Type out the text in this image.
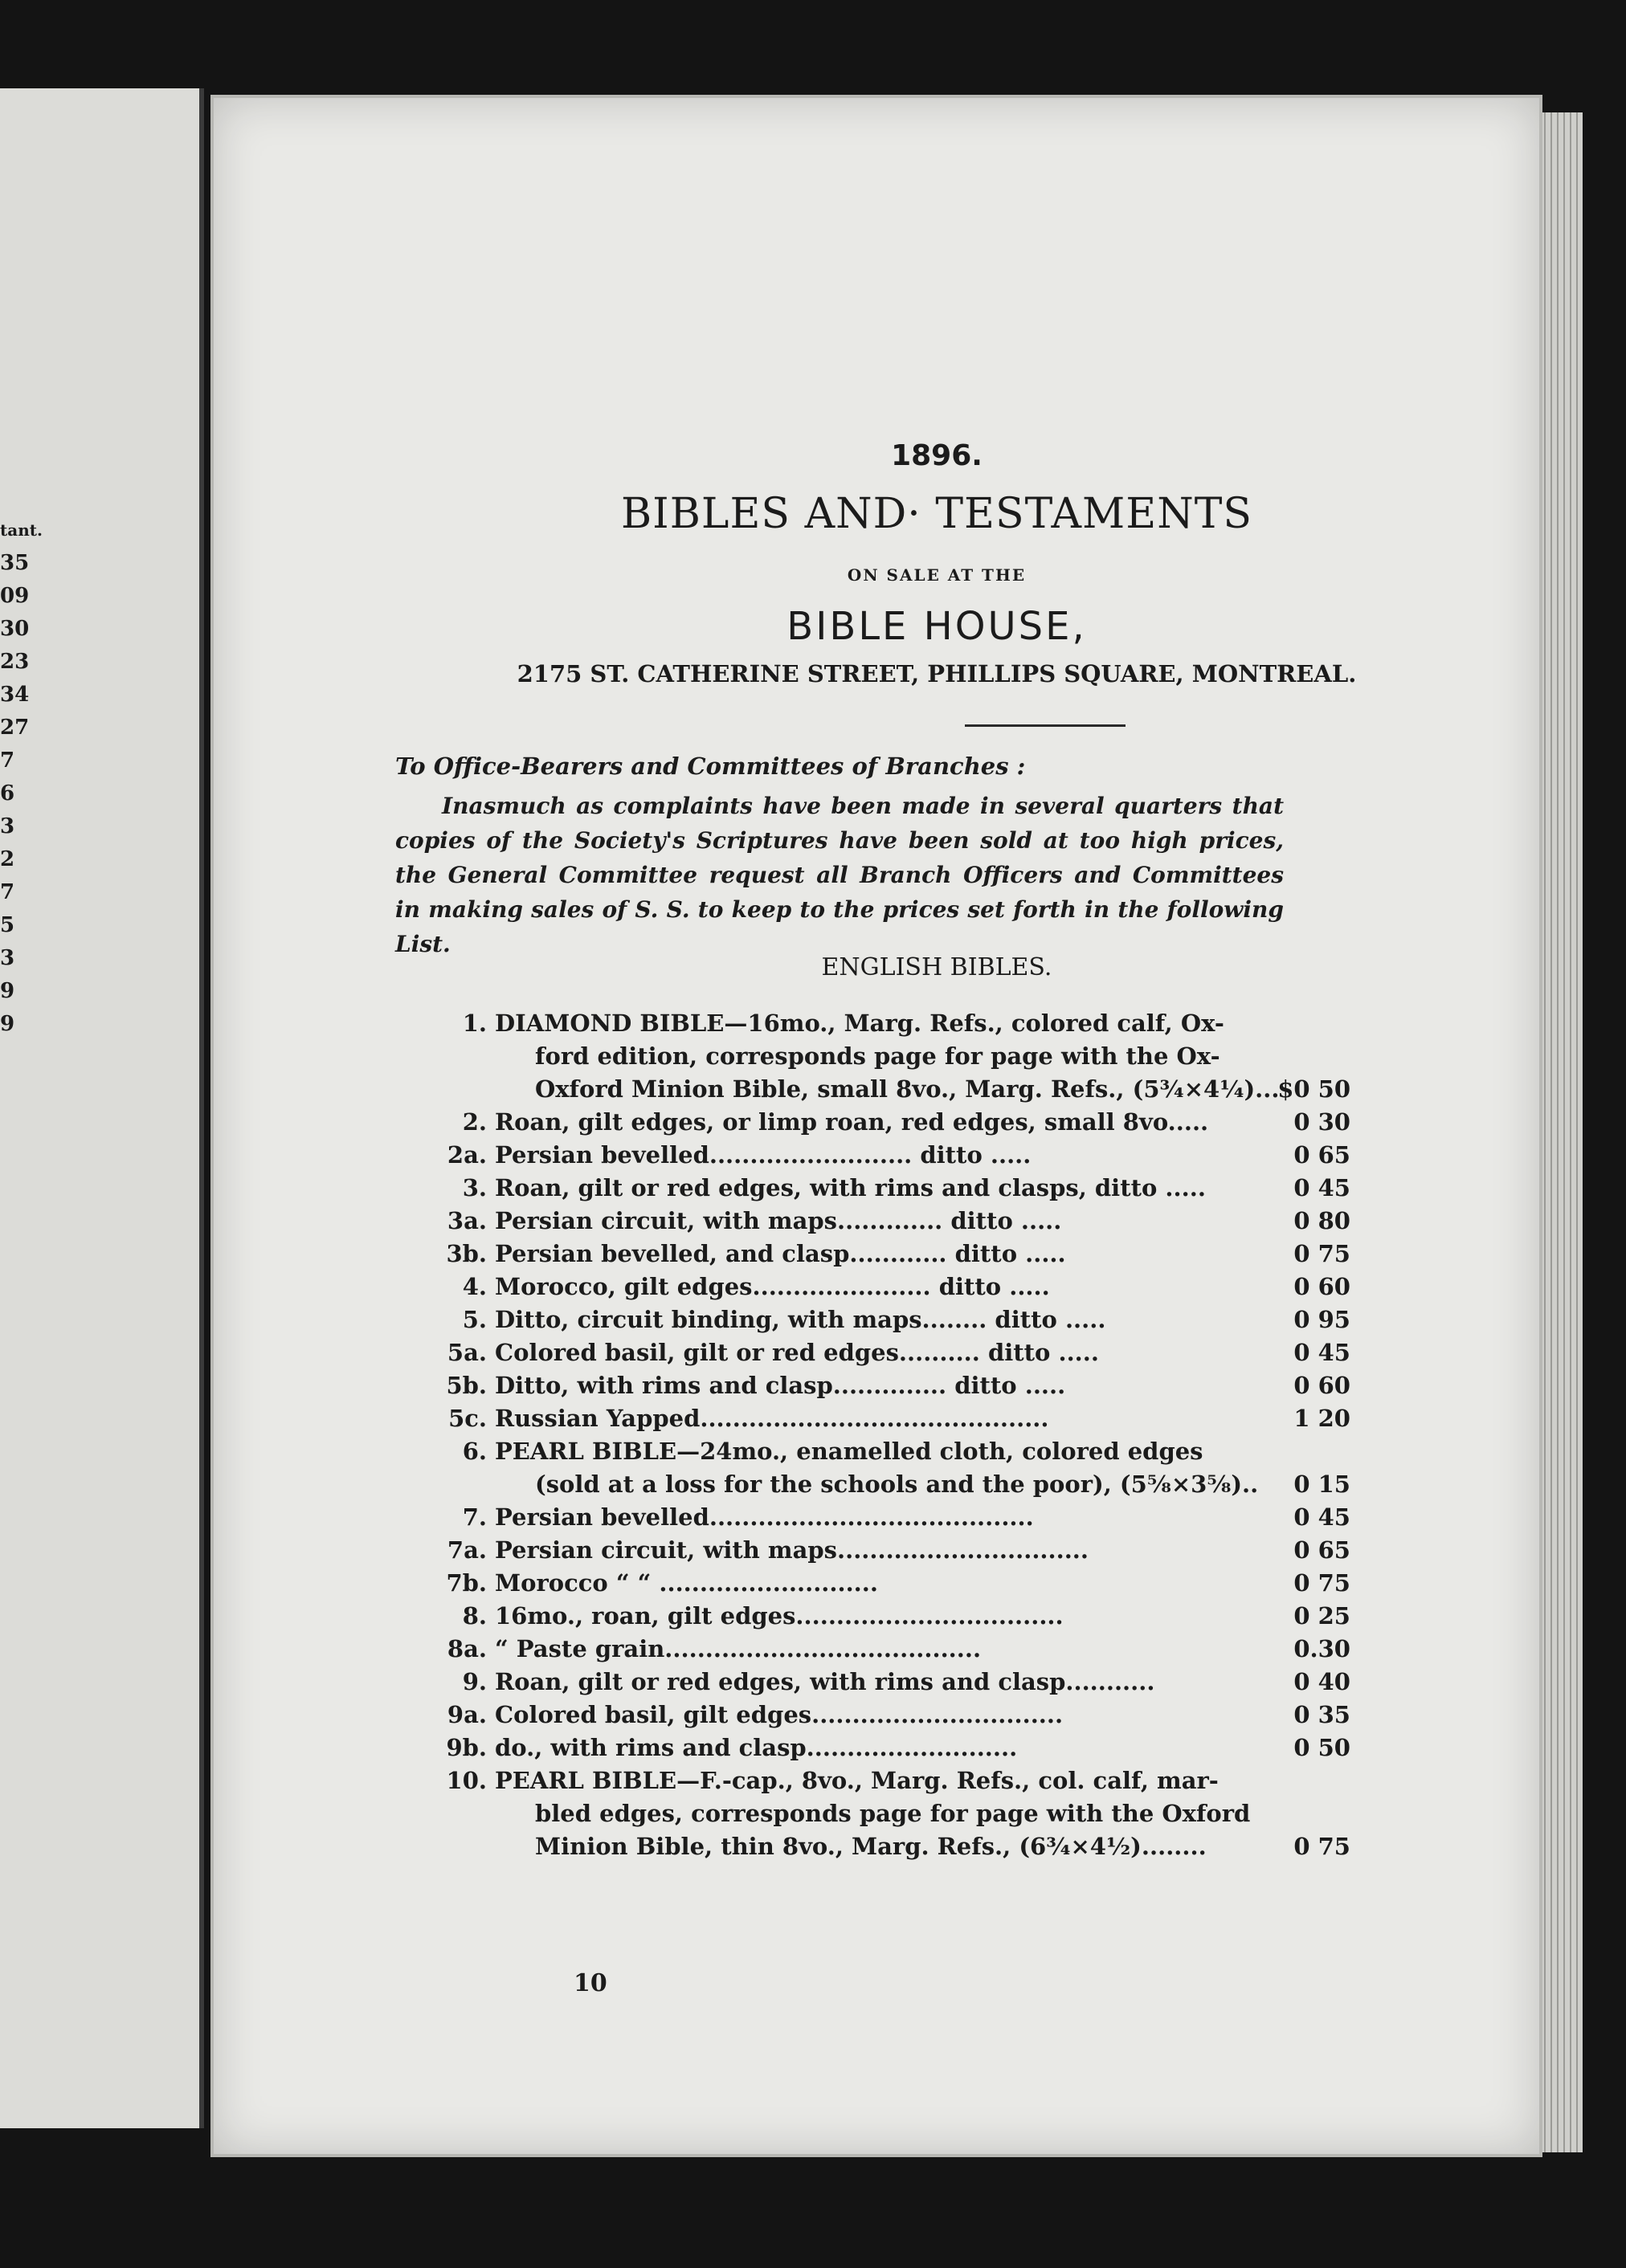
tant.
35
09
30
23
34
27
7
6
3
2
7
5
3
9
9
1896.
BIBLES AND· TESTAMENTS
ON SALE AT THE
BIBLE HOUSE,
2175 ST. CATHERINE STREET, PHILLIPS SQUARE, MONTREAL.
To Office-Bearers and Committees of Branches :
Inasmuch as complaints have been made in several quarters that copies of the Society's Scriptures have been sold at too high prices, the General Committee request all Branch Officers and Committees in making sales of S. S. to keep to the prices set forth in the following List.
ENGLISH BIBLES.
1. DIAMOND BIBLE—16mo., Marg. Refs., colored calf, Ox-
ford edition, corresponds page for page with the Ox-
Oxford Minion Bible, small 8vo., Marg. Refs., (5¾×4¼)...
$0 50
2. Roan, gilt edges, or limp roan, red edges, small 8vo.....	0 30
2a. Persian bevelled......................... ditto .....	0 65
3. Roan, gilt or red edges, with rims and clasps, ditto .....	0 45
3a. Persian circuit, with maps............. ditto .....	0 80
3b. Persian bevelled, and clasp............ ditto .....	0 75
4. Morocco, gilt edges...................... ditto .....	0 60
5. Ditto, circuit binding, with maps........ ditto .....	0 95
5a. Colored basil, gilt or red edges.......... ditto .....	0 45
5b. Ditto, with rims and clasp.............. ditto .....	0 60
5c. Russian Yapped...........................................	1 20
6. PEARL BIBLE—24mo., enamelled cloth, colored edges
(sold at a loss for the schools and the poor), (5⅝×3⅝)..	0 15
7. Persian bevelled........................................	0 45
7a. Persian circuit, with maps...............................	0 65
7b. Morocco “ “ ...........................	0 75
8. 16mo., roan, gilt edges.................................	0 25
8a. “ Paste grain.......................................	0.30
9. Roan, gilt or red edges, with rims and clasp...........	0 40
9a. Colored basil, gilt edges...............................	0 35
9b. do., with rims and clasp..........................	0 50
10. PEARL BIBLE—F.-cap., 8vo., Marg. Refs., col. calf, mar-
bled edges, corresponds page for page with the Oxford
Minion Bible, thin 8vo., Marg. Refs., (6¾×4½)........	0 75
10
